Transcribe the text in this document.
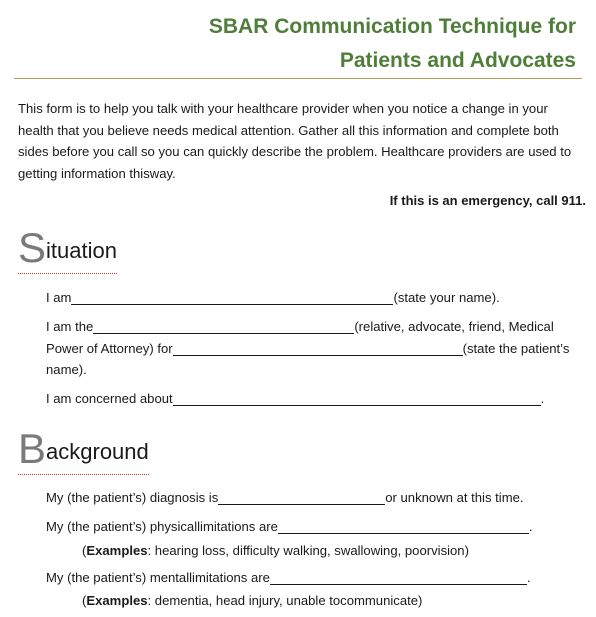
SBAR Communication Technique for
Patients and Advocates
This form is to help you talk with your healthcare provider when you notice a change in your health that you believe needs medical attention. Gather all this information and complete both sides before you call so you can quickly describe the problem. Healthcare providers are used to getting information thisway.
If this is an emergency, call 911.
Situation
I am	(state your name).
I am the	(relative, advocate, friend, Medical
Power of Attorney) for	(state the patient’s
name).
I am concerned about	.
Background
My (the patient’s) diagnosis is	or unknown at this time.
My (the patient’s) physicallimitations are	.
(Examples: hearing loss, difficulty walking, swallowing, poorvision)
My (the patient’s) mentallimitations are	.
(Examples: dementia, head injury, unable tocommunicate)
